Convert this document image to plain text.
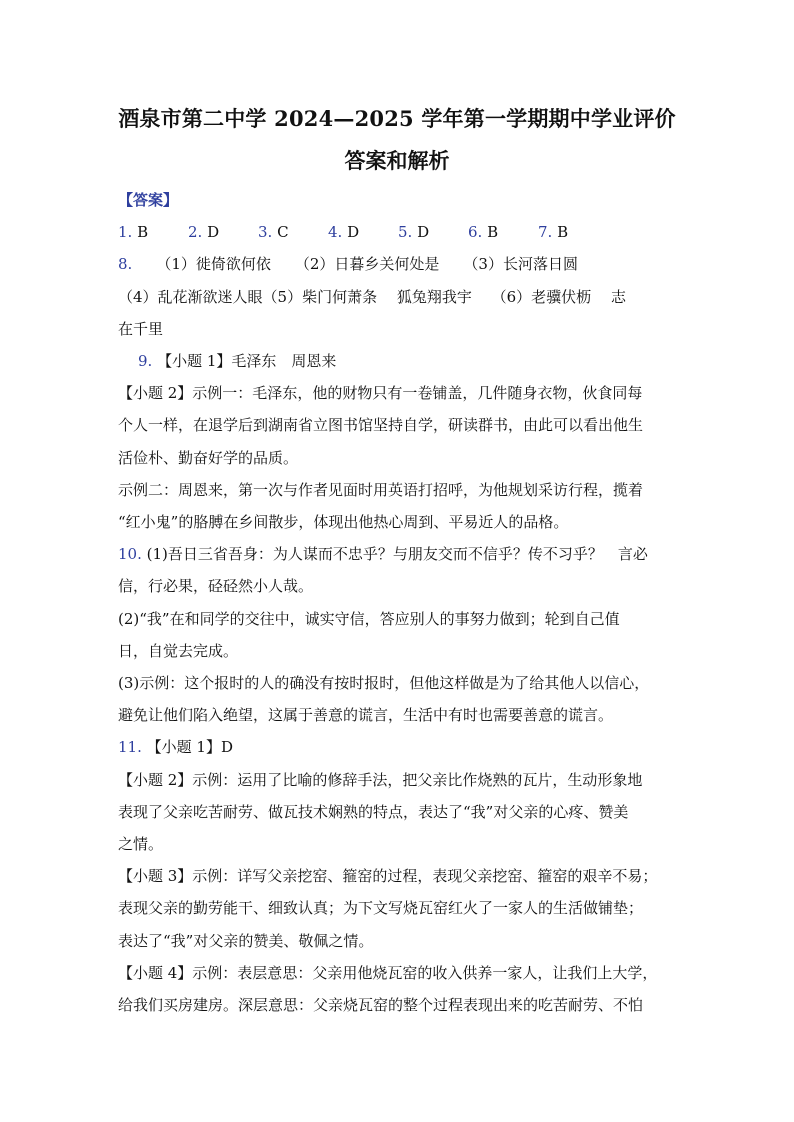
酒泉市第二中学 2024—2025 学年第一学期期中学业评价
答案和解析

【答案】

1. B	2. D	3. C	4. D	5. D	6. B	7. B

8. （1）徙倚欲何依 （2）日暮乡关何处是 （3）长河落日圆

（4）乱花渐欲迷人眼（5）柴门何萧条　 狐兔翔我宇　 （6）老骥伏枥　 志

在千里

9. 【小题 1】毛泽东　周恩来

【小题 2】示例一：毛泽东，他的财物只有一卷铺盖，几件随身衣物，伙食同每

个人一样，在退学后到湖南省立图书馆坚持自学，研读群书，由此可以看出他生

活俭朴、勤奋好学的品质。

示例二：周恩来，第一次与作者见面时用英语打招呼，为他规划采访行程，揽着

“红小鬼”的胳膊在乡间散步，体现出他热心周到、平易近人的品格。

10. (1)吾日三省吾身：为人谋而不忠乎？与朋友交而不信乎？传不习乎？　言必

信，行必果，硁硁然小人哉。

(2)“我”在和同学的交往中，诚实守信，答应别人的事努力做到；轮到自己值

日，自觉去完成。

(3)示例：这个报时的人的确没有按时报时，但他这样做是为了给其他人以信心，

避免让他们陷入绝望，这属于善意的谎言，生活中有时也需要善意的谎言。

11. 【小题 1】D

【小题 2】示例：运用了比喻的修辞手法，把父亲比作烧熟的瓦片，生动形象地

表现了父亲吃苦耐劳、做瓦技术娴熟的特点，表达了“我”对父亲的心疼、赞美

之情。

【小题 3】示例：详写父亲挖窑、箍窑的过程，表现父亲挖窑、箍窑的艰辛不易；

表现父亲的勤劳能干、细致认真；为下文写烧瓦窑红火了一家人的生活做铺垫；

表达了“我”对父亲的赞美、敬佩之情。

【小题 4】示例：表层意思：父亲用他烧瓦窑的收入供养一家人，让我们上大学，

给我们买房建房。深层意思：父亲烧瓦窑的整个过程表现出来的吃苦耐劳、不怕
